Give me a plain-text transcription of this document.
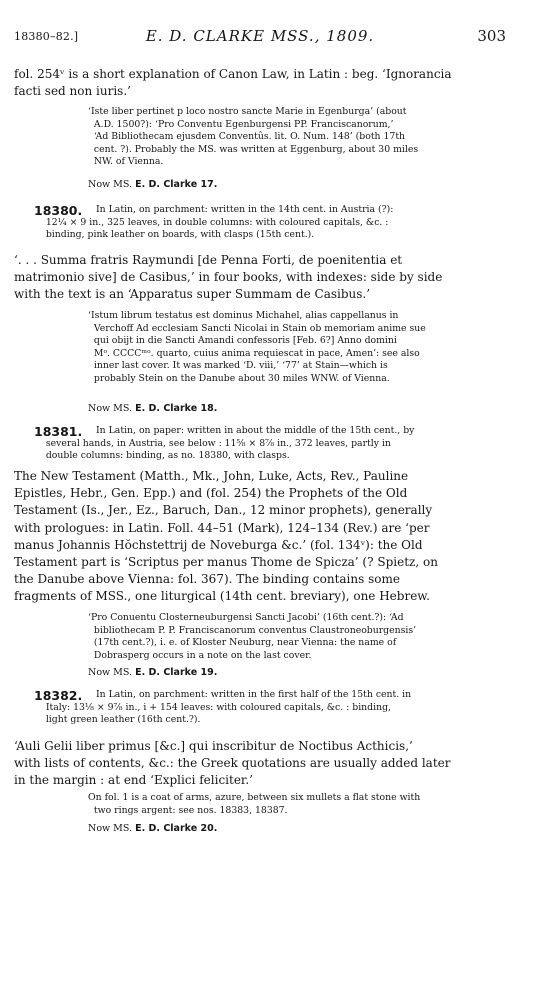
18380–82.]	E. D. CLARKE MSS., 1809.	303
fol. 254ᵛ is a short explanation of Canon Law, in Latin : beg. ‘Ignorancia
facti sed non iuris.’
‘Iste liber pertinet p loco nostro sancte Marie in Egenburga’ (about
A.D. 1500?): ‘Pro Conventu Egenburgensi PP. Franciscanorum,’
‘Ad Bibliothecam ejusdem Conventûs. lit. O. Num. 148’ (both 17th
cent. ?). Probably the MS. was written at Eggenburg, about 30 miles
NW. of Vienna.
Now MS. E. D. Clarke 17.
18380.	In Latin, on parchment: written in the 14th cent. in Austria (?):
12¼ × 9 in., 325 leaves, in double columns: with coloured capitals, &c. :
binding, pink leather on boards, with clasps (15th cent.).
‘. . . Summa fratris Raymundi [de Penna Forti, de poenitentia et
matrimonio sive] de Casibus,’ in four books, with indexes: side by side
with the text is an ‘Apparatus super Summam de Casibus.’
‘Istum librum testatus est dominus Michahel, alias cappellanus in
Verchoff Ad ecclesiam Sancti Nicolai in Stain ob memoriam anime sue
qui obijt in die Sancti Amandi confessoris [Feb. 6?] Anno domini
Mᵒ. CCCCᵐᵒ. quarto, cuius anima requiescat in pace, Amen’: see also
inner last cover. It was marked ‘D. viii,’ ‘77’ at Stain—which is
probably Stein on the Danube about 30 miles WNW. of Vienna.
Now MS. E. D. Clarke 18.
18381.	In Latin, on paper: written in about the middle of the 15th cent., by
several hands, in Austria, see below : 11⅝ × 8⅞ in., 372 leaves, partly in
double columns: binding, as no. 18380, with clasps.
The New Testament (Matth., Mk., John, Luke, Acts, Rev., Pauline
Epistles, Hebr., Gen. Epp.) and (fol. 254) the Prophets of the Old
Testament (Is., Jer., Ez., Baruch, Dan., 12 minor prophets), generally
with prologues: in Latin. Foll. 44–51 (Mark), 124–134 (Rev.) are ‘per
manus Johannis Hŏchstettrij de Noveburga &c.’ (fol. 134ᵛ): the Old
Testament part is ‘Scriptus per manus Thome de Spicza’ (? Spietz, on
the Danube above Vienna: fol. 367). The binding contains some
fragments of MSS., one liturgical (14th cent. breviary), one Hebrew.
‘Pro Conuentu Closterneuburgensi Sancti Jacobi’ (16th cent.?): ‘Ad
bibliothecam P. P. Franciscanorum conventus Claustroneoburgensis’
(17th cent.?), i. e. of Kloster Neuburg, near Vienna: the name of
Dobrasperg occurs in a note on the last cover.
Now MS. E. D. Clarke 19.
18382.	In Latin, on parchment: written in the first half of the 15th cent. in
Italy: 13⅛ × 9⅞ in., i + 154 leaves: with coloured capitals, &c. : binding,
light green leather (16th cent.?).
‘Auli Gelii liber primus [&c.] qui inscribitur de Noctibus Acthicis,’
with lists of contents, &c.: the Greek quotations are usually added later
in the margin : at end ‘Explici feliciter.’
On fol. 1 is a coat of arms, azure, between six mullets a flat stone with
two rings argent: see nos. 18383, 18387.
Now MS. E. D. Clarke 20.
